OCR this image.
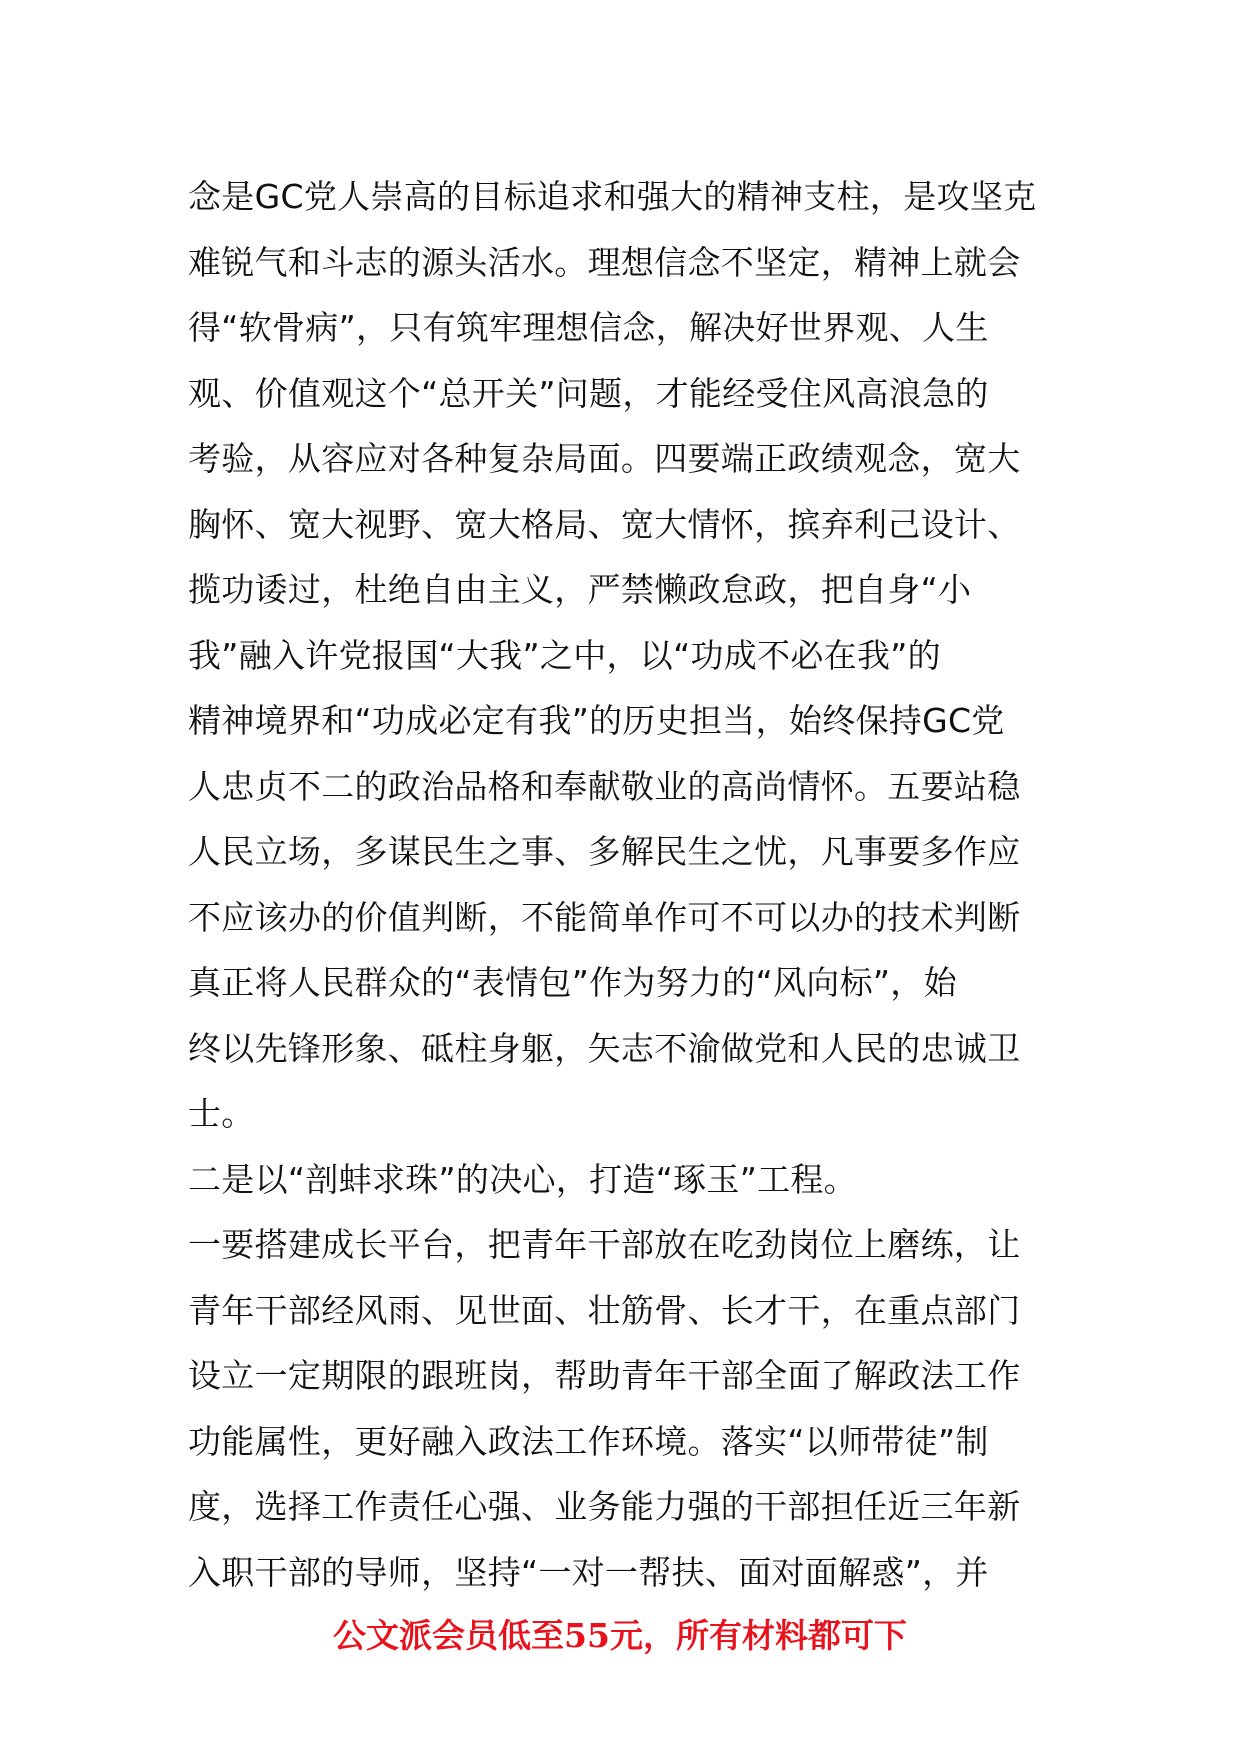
念是GC党人崇高的目标追求和强大的精神支柱，是攻坚克
难锐气和斗志的源头活水。理想信念不坚定，精神上就会
得“软骨病”，只有筑牢理想信念，解决好世界观、人生
观、价值观这个“总开关”问题，才能经受住风高浪急的
考验，从容应对各种复杂局面。四要端正政绩观念，宽大
胸怀、宽大视野、宽大格局、宽大情怀，摈弃利己设计、
揽功诿过，杜绝自由主义，严禁懒政怠政，把自身“小
我”融入许党报国“大我”之中，以“功成不必在我”的
精神境界和“功成必定有我”的历史担当，始终保持GC党
人忠贞不二的政治品格和奉献敬业的高尚情怀。五要站稳
人民立场，多谋民生之事、多解民生之忧，凡事要多作应
不应该办的价值判断，不能简单作可不可以办的技术判断
真正将人民群众的“表情包”作为努力的“风向标”，始
终以先锋形象、砥柱身躯，矢志不渝做党和人民的忠诚卫
士。
二是以“剖蚌求珠”的决心，打造“琢玉”工程。
一要搭建成长平台，把青年干部放在吃劲岗位上磨练，让
青年干部经风雨、见世面、壮筋骨、长才干，在重点部门
设立一定期限的跟班岗，帮助青年干部全面了解政法工作
功能属性，更好融入政法工作环境。落实“以师带徒”制
度，选择工作责任心强、业务能力强的干部担任近三年新
入职干部的导师，坚持“一对一帮扶、面对面解惑”，并
公文派会员低至55元，所有材料都可下
